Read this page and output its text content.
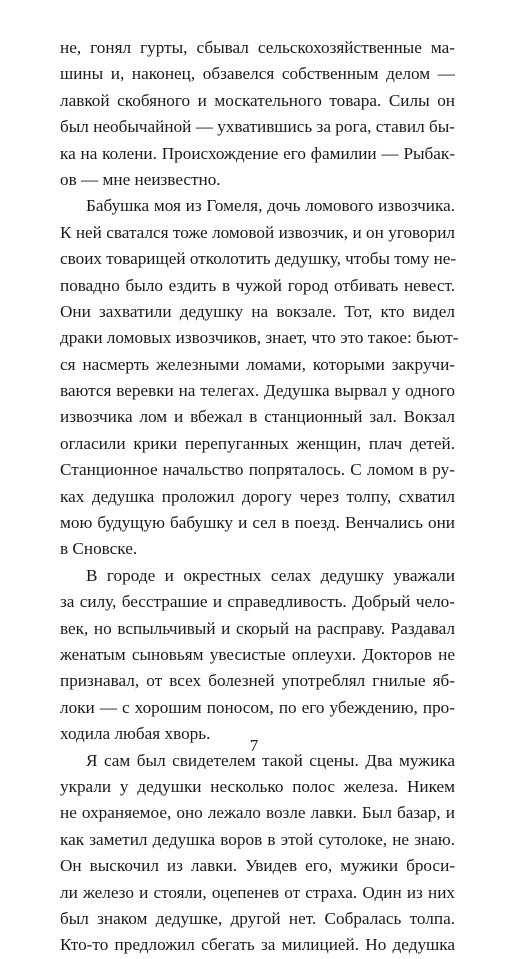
не, гонял гурты, сбывал сельскохозяйственные ма-
шины и, наконец, обзавелся собственным делом —
лавкой скобяного и москательного товара. Силы он
был необычайной — ухватившись за рога, ставил бы-
ка на колени. Происхождение его фамилии — Рыбак-
ов — мне неизвестно.
Бабушка моя из Гомеля, дочь ломового извозчика.
К ней сватался тоже ломовой извозчик, и он уговорил
своих товарищей отколотить дедушку, чтобы тому не-
повадно было ездить в чужой город отбивать невест.
Они захватили дедушку на вокзале. Тот, кто видел
драки ломовых извозчиков, знает, что это такое: бьют-
ся насмерть железными ломами, которыми закручи-
ваются веревки на телегах. Дедушка вырвал у одного
извозчика лом и вбежал в станционный зал. Вокзал
огласили крики перепуганных женщин, плач детей.
Станционное начальство попряталось. С ломом в ру-
ках дедушка проложил дорогу через толпу, схватил
мою будущую бабушку и сел в поезд. Венчались они
в Сновске.
В городе и окрестных селах дедушку уважали
за силу, бесстрашие и справедливость. Добрый чело-
век, но вспыльчивый и скорый на расправу. Раздавал
женатым сыновьям увесистые оплеухи. Докторов не
признавал, от всех болезней употреблял гнилые яб-
локи — с хорошим поносом, по его убеждению, про-
ходила любая хворь.
Я сам был свидетелем такой сцены. Два мужика
украли у дедушки несколько полос железа. Никем
не охраняемое, оно лежало возле лавки. Был базар, и
как заметил дедушка воров в этой сутолоке, не знаю.
Он выскочил из лавки. Увидев его, мужики броси-
ли железо и стояли, оцепенев от страха. Один из них
был знаком дедушке, другой нет. Собралась толпа.
Кто-то предложил сбегать за милицией. Но дедушка
7
